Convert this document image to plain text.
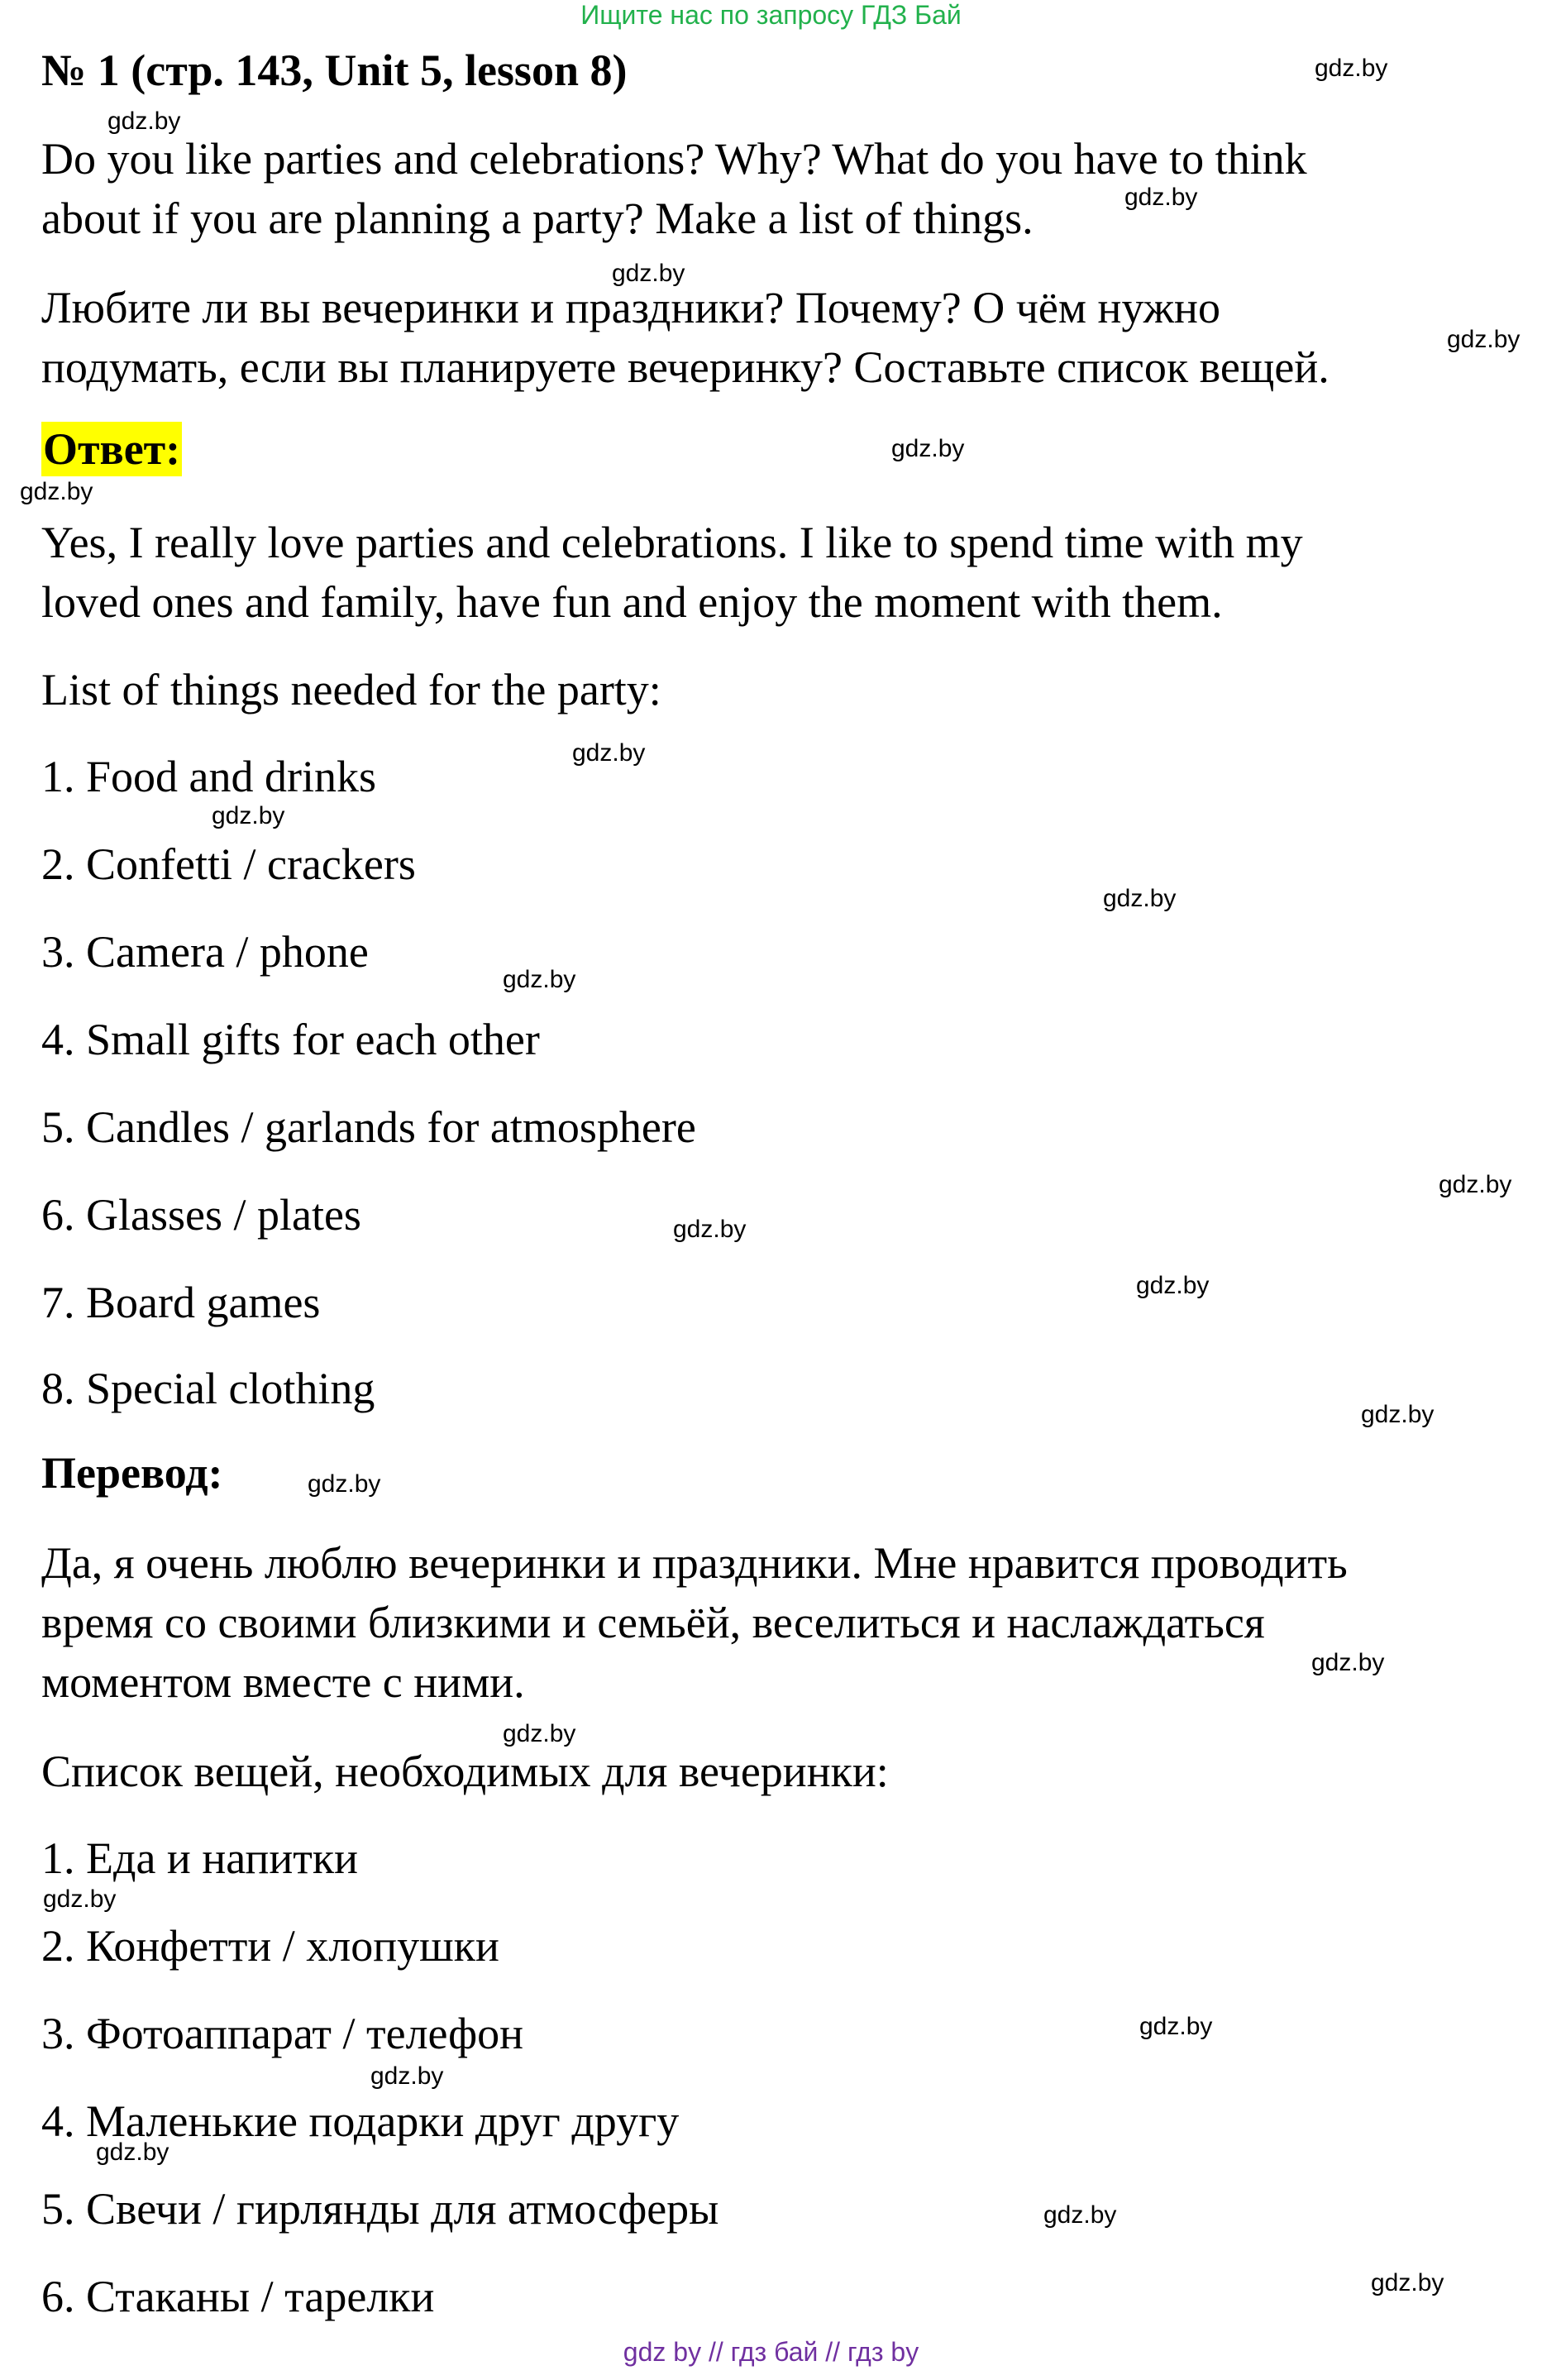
Ищите нас по запросу ГДЗ Бай
№ 1 (стр. 143, Unit 5, lesson 8)
Do you like parties and celebrations? Why? What do you have to think
about if you are planning a party? Make a list of things.
Любите ли вы вечеринки и праздники? Почему? О чём нужно
подумать, если вы планируете вечеринку? Составьте список вещей.
Ответ:
Yes, I really love parties and celebrations. I like to spend time with my
loved ones and family, have fun and enjoy the moment with them.
List of things needed for the party:
1. Food and drinks
2. Confetti / crackers
3. Camera / phone
4. Small gifts for each other
5. Candles / garlands for atmosphere
6. Glasses / plates
7. Board games
8. Special clothing
Перевод:
Да, я очень люблю вечеринки и праздники. Мне нравится проводить
время со своими близкими и семьёй, веселиться и наслаждаться
моментом вместе с ними.
Список вещей, необходимых для вечеринки:
1. Еда и напитки
2. Конфетти / хлопушки
3. Фотоаппарат / телефон
4. Маленькие подарки друг другу
5. Свечи / гирлянды для атмосферы
6. Стаканы / тарелки
gdz.by
gdz.by
gdz.by
gdz.by
gdz.by
gdz.by
gdz.by
gdz.by
gdz.by
gdz.by
gdz.by
gdz.by
gdz.by
gdz.by
gdz.by
gdz.by
gdz.by
gdz.by
gdz.by
gdz.by
gdz.by
gdz.by
gdz.by
gdz.by
gdz by // гдз бай // гдз by
